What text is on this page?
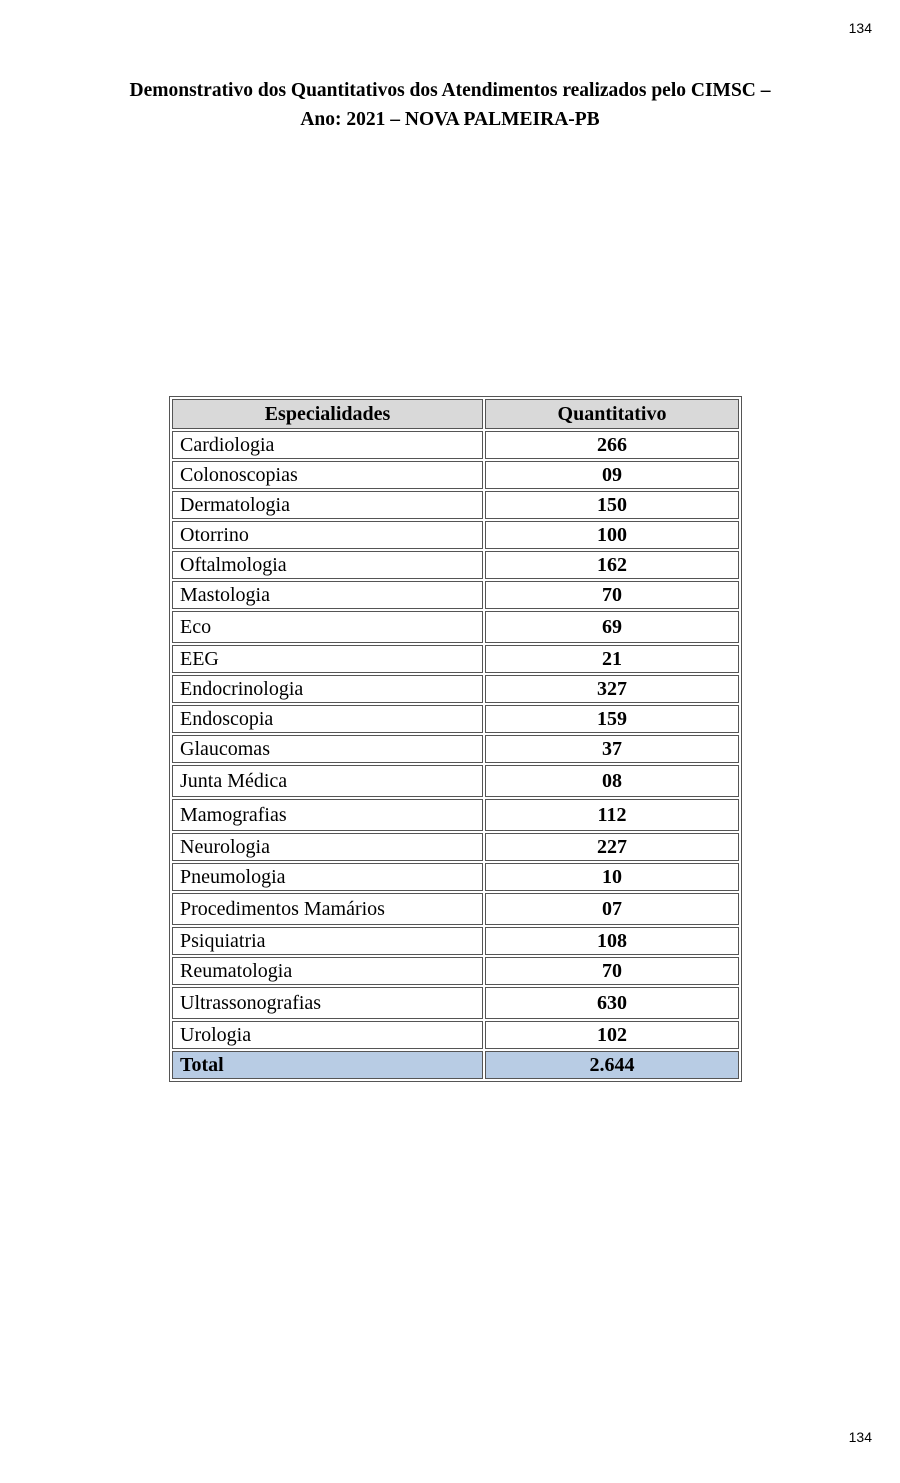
134
Demonstrativo dos Quantitativos dos Atendimentos realizados pelo CIMSC –
Ano: 2021 – NOVA PALMEIRA-PB
Especialidades	Quantitativo
Cardiologia	266
Colonoscopias	09
Dermatologia	150
Otorrino	100
Oftalmologia	162
Mastologia	70
Eco	69
EEG	21
Endocrinologia	327
Endoscopia	159
Glaucomas	37
Junta Médica	08
Mamografias	112
Neurologia	227
Pneumologia	10
Procedimentos Mamários	07
Psiquiatria	108
Reumatologia	70
Ultrassonografias	630
Urologia	102
Total	2.644
134
